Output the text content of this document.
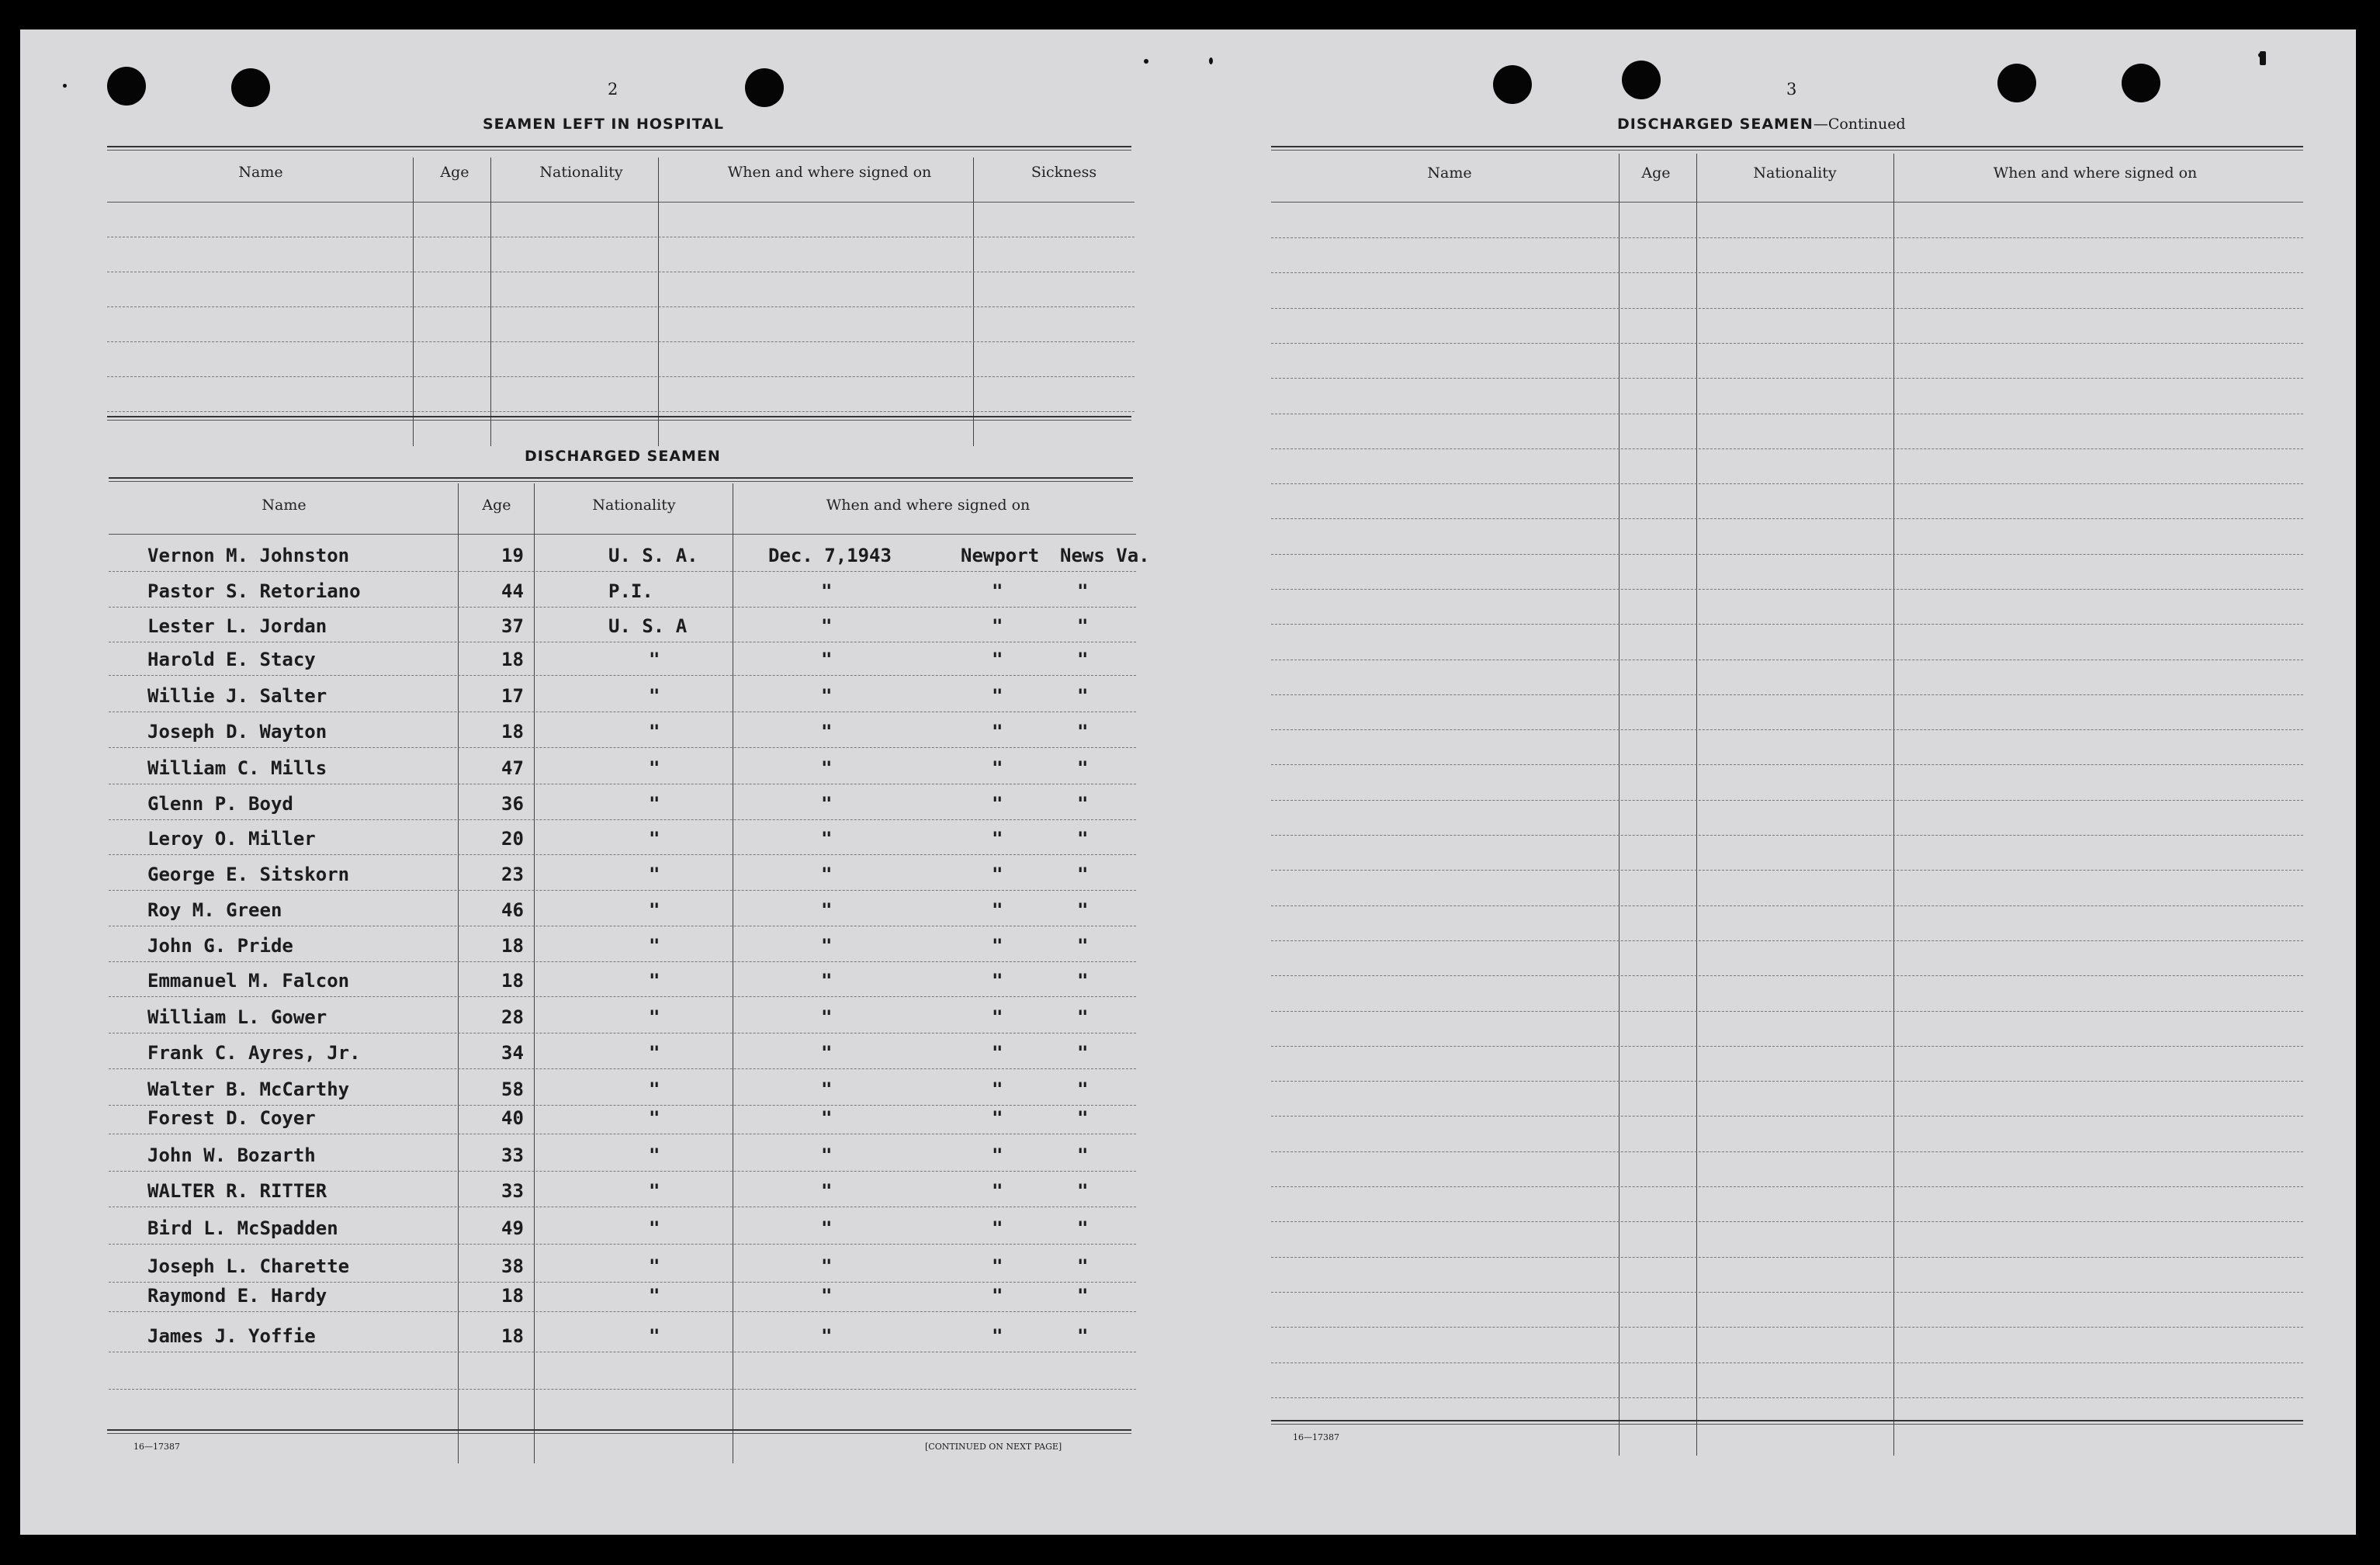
2
SEAMEN LEFT IN HOSPITAL
Name	Age	Nationality	When and where signed on	Sickness
DISCHARGED SEAMEN
Name	Age	Nationality	When and where signed on
Vernon M. Johnston	19	U. S. A.	Dec. 7,1943	Newport News Va.
Pastor S. Retoriano	44	P.I.	"	"	"
Lester L. Jordan	37	U. S. A	"	"	"
Harold E. Stacy	18	"	"	"	"
Willie J. Salter	17	"	"	"	"
Joseph D. Wayton	18	"	"	"	"
William C. Mills	47	"	"	"	"
Glenn P. Boyd	36	"	"	"	"
Leroy O. Miller	20	"	"	"	"
George E. Sitskorn	23	"	"	"	"
Roy M. Green	46	"	"	"	"
John G. Pride	18	"	"	"	"
Emmanuel M. Falcon	18	"	"	"	"
William L. Gower	28	"	"	"	"
Frank C. Ayres, Jr.	34	"	"	"	"
Walter B. McCarthy	58	"	"	"	"
Forest D. Coyer	40	"	"	"	"
John W. Bozarth	33	"	"	"	"
WALTER R. RITTER	33	"	"	"	"
Bird L. McSpadden	49	"	"	"	"
Joseph L. Charette	38	"	"	"	"
Raymond E. Hardy	18	"	"	"	"
James J. Yoffie	18	"	"	"	"
16—17387	[CONTINUED ON NEXT PAGE]
3
DISCHARGED SEAMEN—Continued
Name	Age	Nationality	When and where signed on
16—17387
